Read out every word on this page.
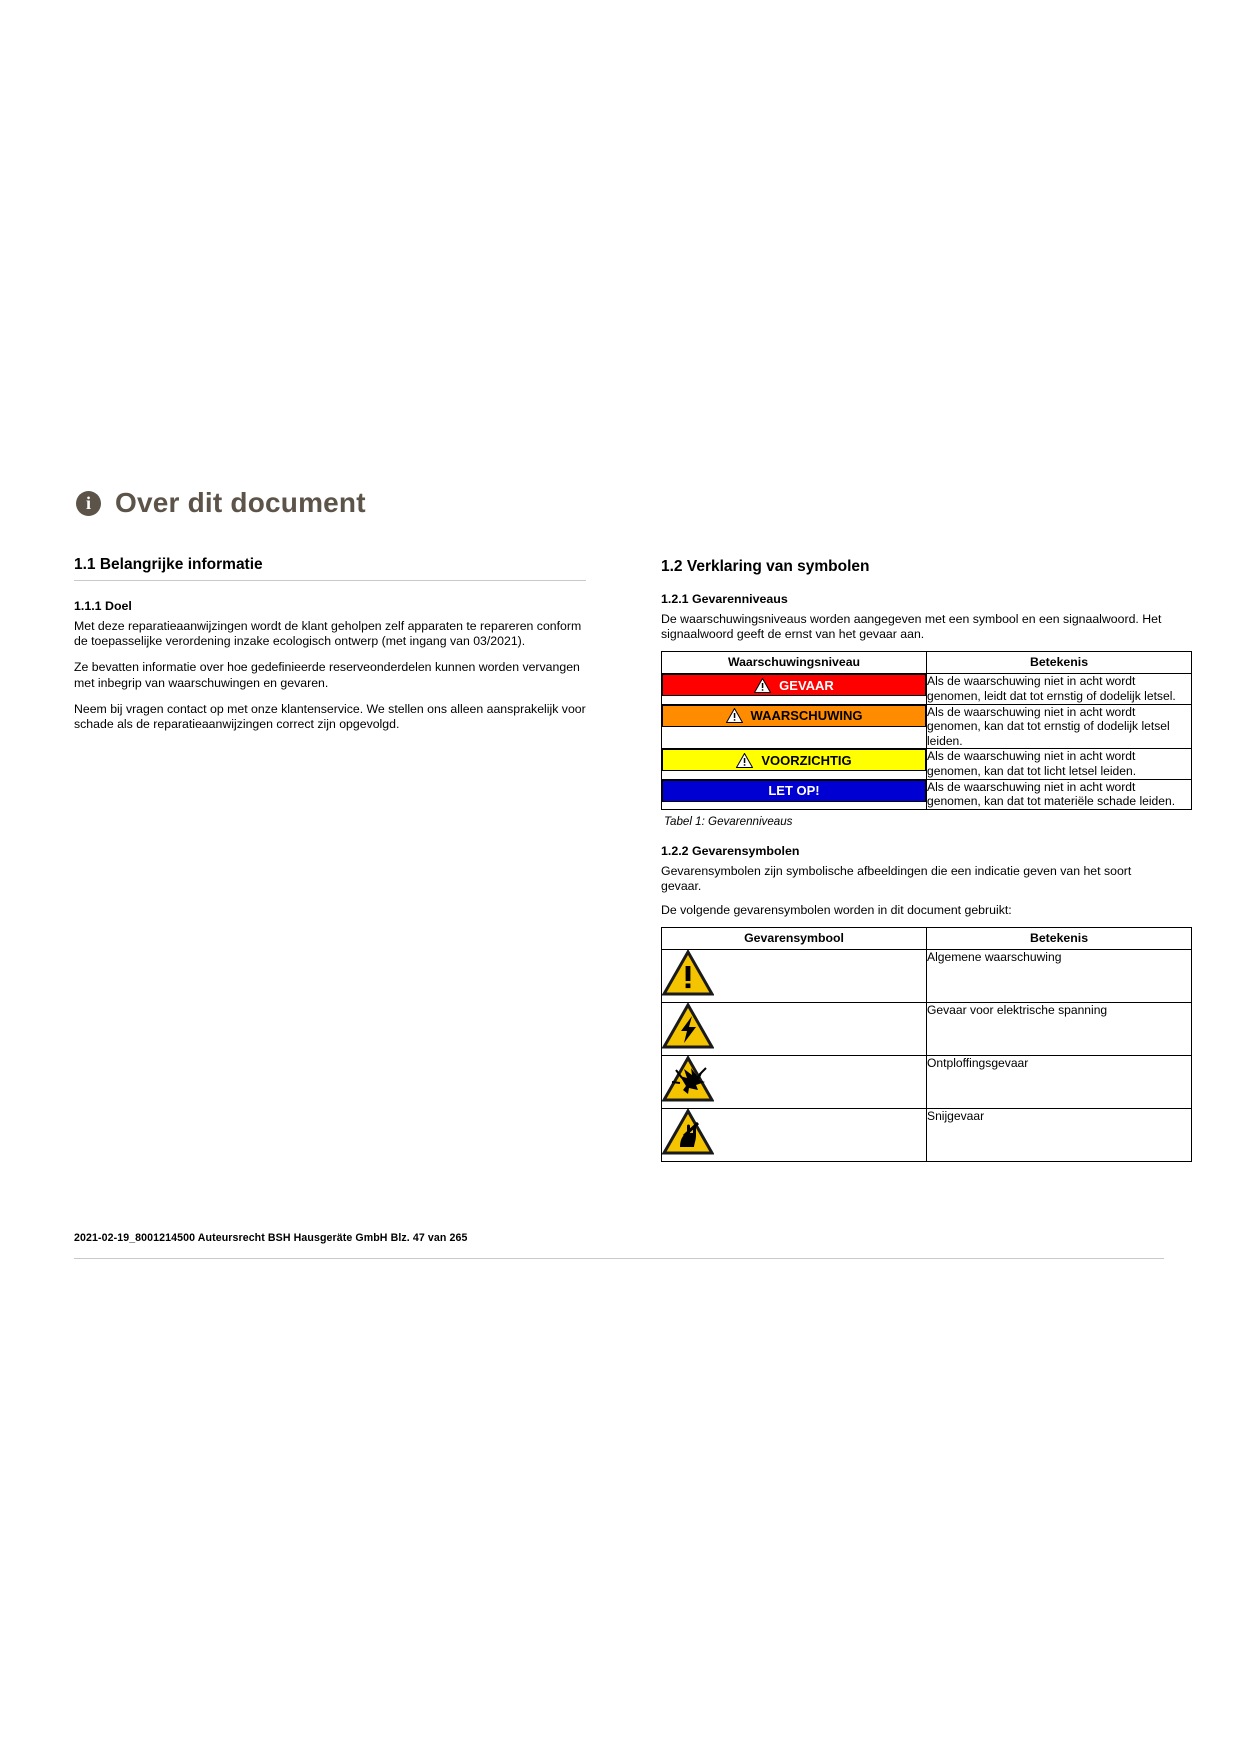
i Over dit document
1.1 Belangrijke informatie
1.1.1 Doel

Met deze reparatieaanwijzingen wordt de klant geholpen zelf apparaten te repareren conform de toepasselijke verordening inzake ecologisch ontwerp (met ingang van 03/2021).

Ze bevatten informatie over hoe gedefinieerde reserveonderdelen kunnen worden vervangen met inbegrip van waarschuwingen en gevaren.

Neem bij vragen contact op met onze klantenservice. We stellen ons alleen aansprakelijk voor schade als de reparatieaanwijzingen correct zijn opgevolgd.

1.2 Verklaring van symbolen
1.2.1 Gevarenniveaus

De waarschuwingsniveaus worden aangegeven met een symbool en een signaalwoord. Het signaalwoord geeft de ernst van het gevaar aan.

Waarschuwingsniveau	Betekenis

GEVAAR	Als de waarschuwing niet in acht wordt genomen, leidt dat tot ernstig of dodelijk letsel.

WAARSCHUWING	Als de waarschuwing niet in acht wordt genomen, kan dat tot ernstig of dodelijk letsel leiden.

VOORZICHTIG	Als de waarschuwing niet in acht wordt genomen, kan dat tot licht letsel leiden.

LET OP!	Als de waarschuwing niet in acht wordt genomen, kan dat tot materiële schade leiden.

Tabel 1: Gevarenniveaus

1.2.2 Gevarensymbolen

Gevarensymbolen zijn symbolische afbeeldingen die een indicatie geven van het soort gevaar.

De volgende gevarensymbolen worden in dit document gebruikt:

Gevarensymbool	Betekenis

	Algemene waarschuwing

	Gevaar voor elektrische spanning

	Ontploffingsgevaar

	Snijgevaar
2021-02-19_8001214500 Auteursrecht BSH Hausgeräte GmbH Blz. 47 van 265
